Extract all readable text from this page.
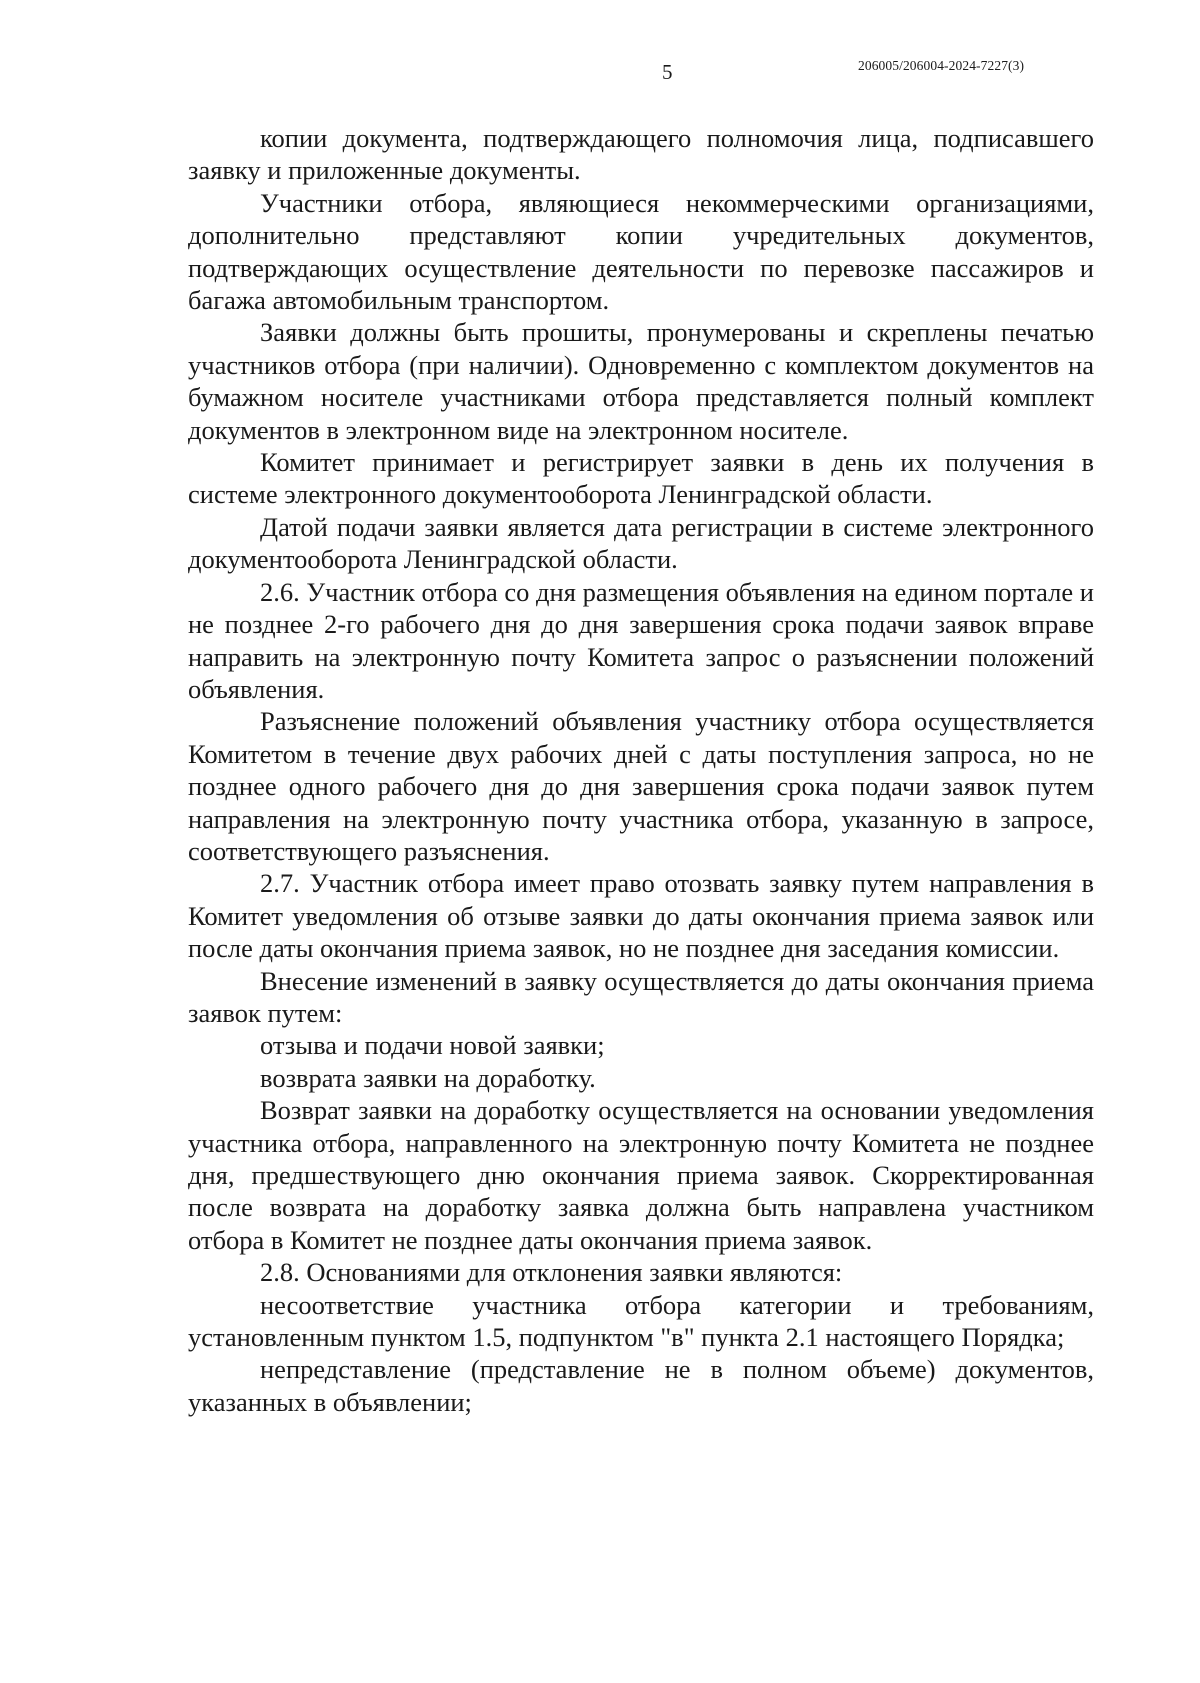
5	206005/206004-2024-7227(3)

копии документа, подтверждающего полномочия лица, подписавшего заявку и приложенные документы.

Участники отбора, являющиеся некоммерческими организациями, дополнительно представляют копии учредительных документов, подтверждающих осуществление деятельности по перевозке пассажиров и багажа автомобильным транспортом.

Заявки должны быть прошиты, пронумерованы и скреплены печатью участников отбора (при наличии). Одновременно с комплектом документов на бумажном носителе участниками отбора представляется полный комплект документов в электронном виде на электронном носителе.

Комитет принимает и регистрирует заявки в день их получения в системе электронного документооборота Ленинградской области.

Датой подачи заявки является дата регистрации в системе электронного документооборота Ленинградской области.

2.6. Участник отбора со дня размещения объявления на едином портале и не позднее 2-го рабочего дня до дня завершения срока подачи заявок вправе направить на электронную почту Комитета запрос о разъяснении положений объявления.

Разъяснение положений объявления участнику отбора осуществляется Комитетом в течение двух рабочих дней с даты поступления запроса, но не позднее одного рабочего дня до дня завершения срока подачи заявок путем направления на электронную почту участника отбора, указанную в запросе, соответствующего разъяснения.

2.7. Участник отбора имеет право отозвать заявку путем направления в Комитет уведомления об отзыве заявки до даты окончания приема заявок или после даты окончания приема заявок, но не позднее дня заседания комиссии.

Внесение изменений в заявку осуществляется до даты окончания приема заявок путем:

отзыва и подачи новой заявки;

возврата заявки на доработку.

Возврат заявки на доработку осуществляется на основании уведомления участника отбора, направленного на электронную почту Комитета не позднее дня, предшествующего дню окончания приема заявок. Скорректированная после возврата на доработку заявка должна быть направлена участником отбора в Комитет не позднее даты окончания приема заявок.

2.8. Основаниями для отклонения заявки являются:

несоответствие участника отбора категории и требованиям, установленным пунктом 1.5, подпунктом "в" пункта 2.1 настоящего Порядка;

непредставление (представление не в полном объеме) документов, указанных в объявлении;
